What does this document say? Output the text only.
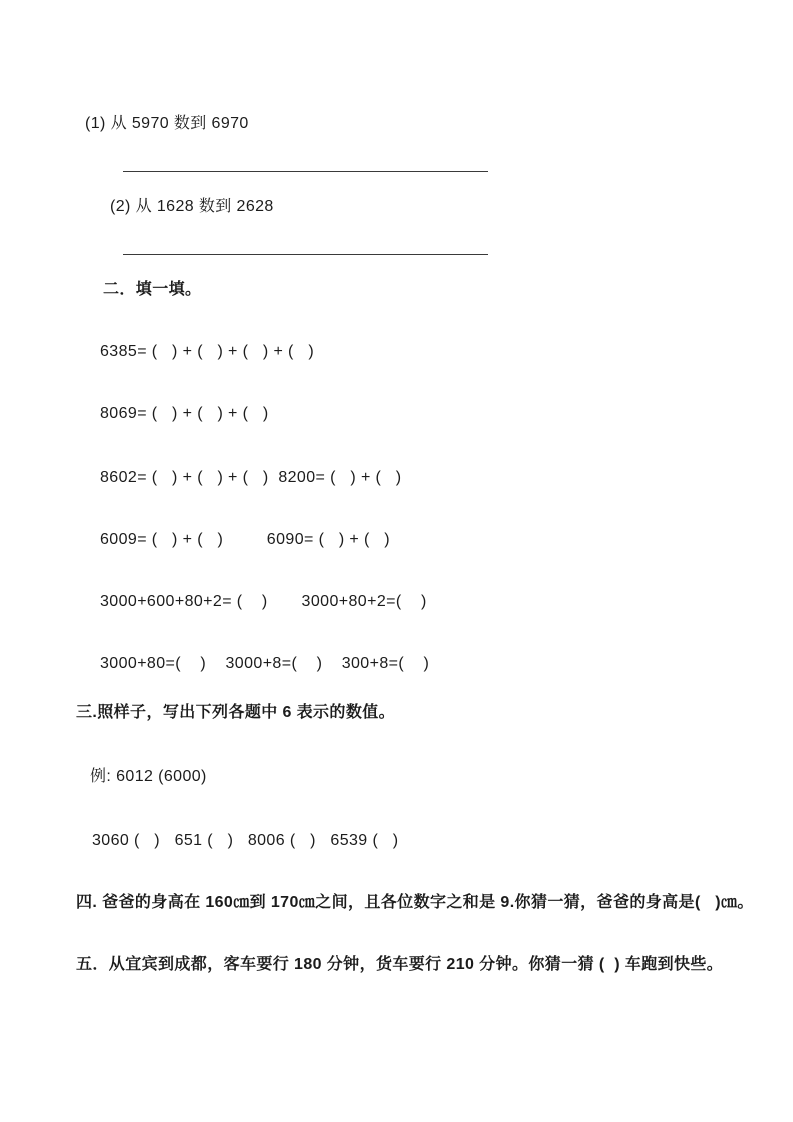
(1) 从 5970 数到 6970

(2) 从 1628 数到 2628

二．填一填。

6385= (   ) + (   ) + (   ) + (   )

8069= (   ) + (   ) + (   )

8602= (   ) + (   ) + (   )  8200= (   ) + (   )

6009= (   ) + (   )         6090= (   ) + (   )

3000+600+80+2= (    )       3000+80+2=(    )

3000+80=(    )    3000+8=(    )    300+8=(    )

三.照样子，写出下列各题中 6 表示的数值。

例: 6012 (6000)

3060 (   )   651 (   )   8006 (   )   6539 (   )

四. 爸爸的身高在 160㎝到 170㎝之间，且各位数字之和是 9.你猜一猜，爸爸的身高是(   )㎝。

五．从宜宾到成都，客车要行 180 分钟，货车要行 210 分钟。你猜一猜 (  ) 车跑到快些。
